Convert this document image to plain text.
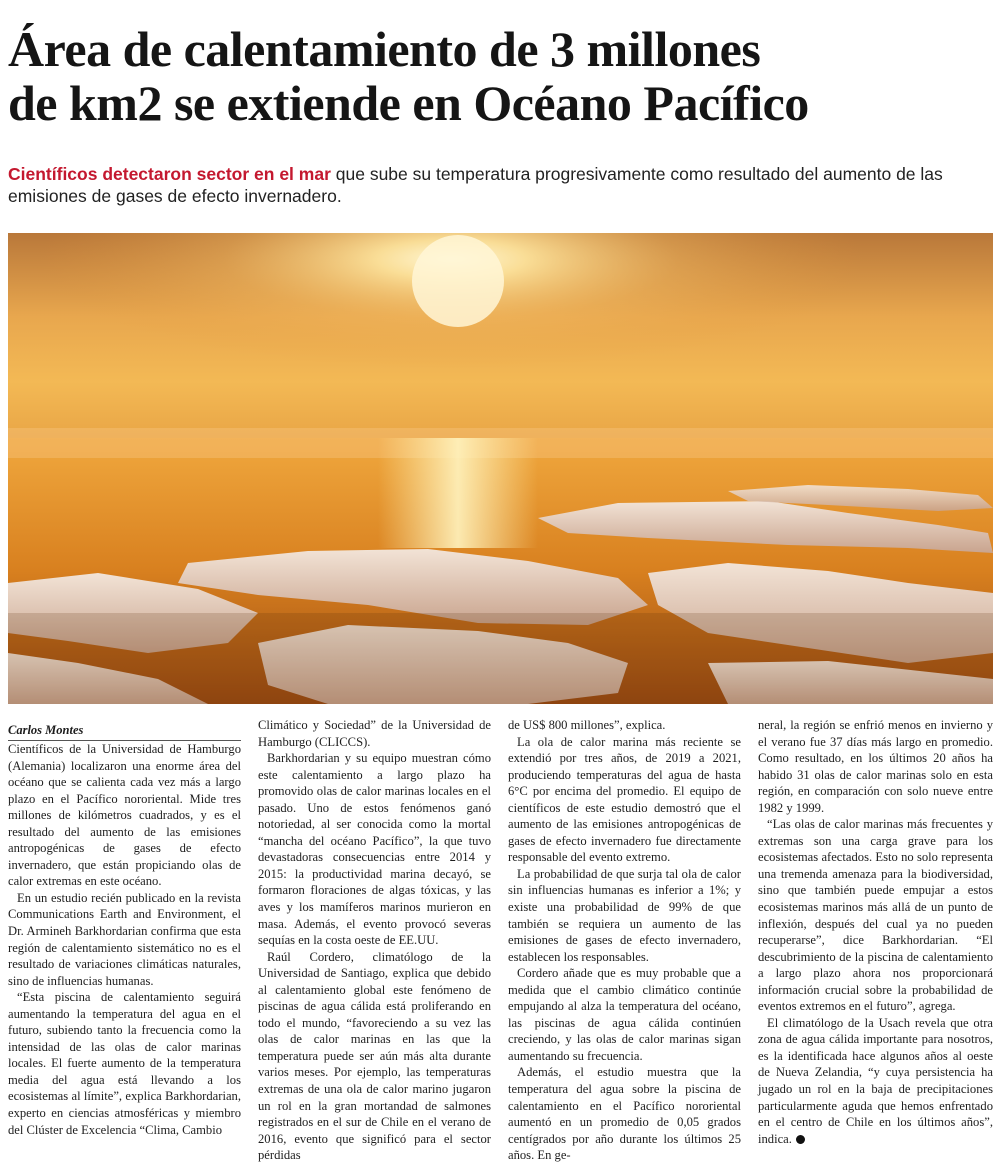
Área de calentamiento de 3 millones
de km2 se extiende en Océano Pacífico

Científicos detectaron sector en el mar que sube su temperatura progresivamente como resultado del aumento de las emisiones de gases de efecto invernadero.

Carlos Montes

Científicos de la Universidad de Hamburgo (Alemania) localizaron una enorme área del océano que se calienta cada vez más a largo plazo en el Pacífico nororiental. Mide tres millones de kilómetros cuadrados, y es el resultado del aumento de las emisiones antropogénicas de gases de efecto invernadero, que están propiciando olas de calor extremas en este océano.

En un estudio recién publicado en la revista Communications Earth and Environment, el Dr. Armineh Barkhordarian confirma que esta región de calentamiento sistemático no es el resultado de variaciones climáticas naturales, sino de influencias humanas.

“Esta piscina de calentamiento seguirá aumentando la temperatura del agua en el futuro, subiendo tanto la frecuencia como la intensidad de las olas de calor marinas locales. El fuerte aumento de la temperatura media del agua está llevando a los ecosistemas al límite”, explica Barkhordarian, experto en ciencias atmosféricas y miembro del Clúster de Excelencia “Clima, Cambio

Climático y Sociedad” de la Universidad de Hamburgo (CLICCS).

Barkhordarian y su equipo muestran cómo este calentamiento a largo plazo ha promovido olas de calor marinas locales en el pasado. Uno de estos fenómenos ganó notoriedad, al ser conocida como la mortal “mancha del océano Pacífico”, la que tuvo devastadoras consecuencias entre 2014 y 2015: la productividad marina decayó, se formaron floraciones de algas tóxicas, y las aves y los mamíferos marinos murieron en masa. Además, el evento provocó severas sequías en la costa oeste de EE.UU.

Raúl Cordero, climatólogo de la Universidad de Santiago, explica que debido al calentamiento global este fenómeno de piscinas de agua cálida está proliferando en todo el mundo, “favoreciendo a su vez las olas de calor marinas en las que la temperatura puede ser aún más alta durante varios meses. Por ejemplo, las temperaturas extremas de una ola de calor marino jugaron un rol en la gran mortandad de salmones registrados en el sur de Chile en el verano de 2016, evento que significó para el sector pérdidas

de US$ 800 millones”, explica.

La ola de calor marina más reciente se extendió por tres años, de 2019 a 2021, produciendo temperaturas del agua de hasta 6°C por encima del promedio. El equipo de científicos de este estudio demostró que el aumento de las emisiones antropogénicas de gases de efecto invernadero fue directamente responsable del evento extremo.

La probabilidad de que surja tal ola de calor sin influencias humanas es inferior a 1%; y existe una probabilidad de 99% de que también se requiera un aumento de las emisiones de gases de efecto invernadero, establecen los responsables.

Cordero añade que es muy probable que a medida que el cambio climático continúe empujando al alza la temperatura del océano, las piscinas de agua cálida continúen creciendo, y las olas de calor marinas sigan aumentando su frecuencia.

Además, el estudio muestra que la temperatura del agua sobre la piscina de calentamiento en el Pacífico nororiental aumentó en un promedio de 0,05 grados centígrados por año durante los últimos 25 años. En ge-

neral, la región se enfrió menos en invierno y el verano fue 37 días más largo en promedio. Como resultado, en los últimos 20 años ha habido 31 olas de calor marinas solo en esta región, en comparación con solo nueve entre 1982 y 1999.

“Las olas de calor marinas más frecuentes y extremas son una carga grave para los ecosistemas afectados. Esto no solo representa una tremenda amenaza para la biodiversidad, sino que también puede empujar a estos ecosistemas marinos más allá de un punto de inflexión, después del cual ya no pueden recuperarse”, dice Barkhordarian. “El descubrimiento de la piscina de calentamiento a largo plazo ahora nos proporcionará información crucial sobre la probabilidad de eventos extremos en el futuro”, agrega.

El climatólogo de la Usach revela que otra zona de agua cálida importante para nosotros, es la identificada hace algunos años al oeste de Nueva Zelandia, “y cuya persistencia ha jugado un rol en la baja de precipitaciones particularmente aguda que hemos enfrentado en el centro de Chile en los últimos años”, indica.
